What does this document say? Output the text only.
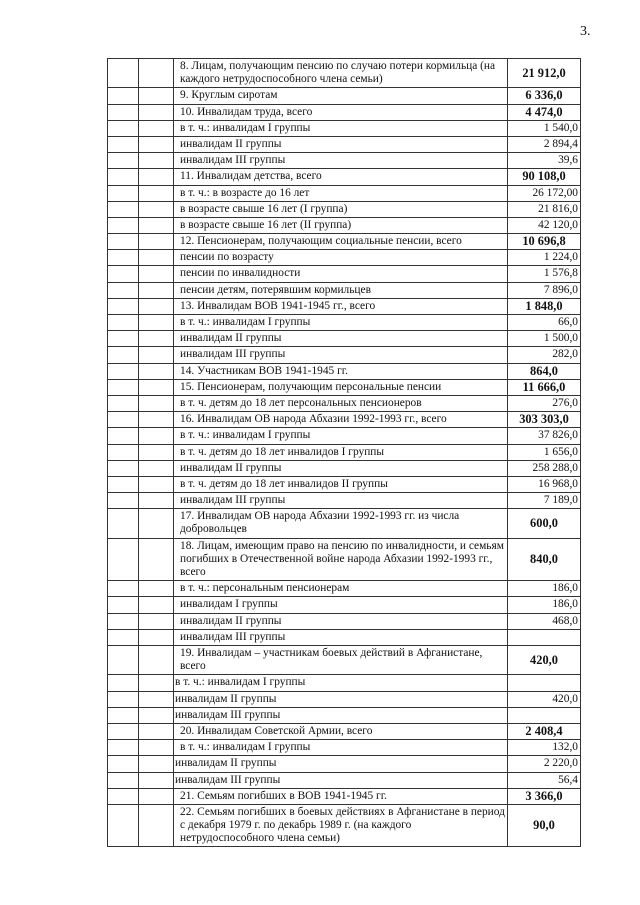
3.
		8. Лицам, получающим пенсию по случаю потери кормильца (на каждого нетрудоспособного члена семьи)	21 912,0
		9. Круглым сиротам	6 336,0
		10. Инвалидам труда, всего	4 474,0
		в т. ч.: инвалидам I группы	1 540,0
		инвалидам II группы	2 894,4
		инвалидам III группы	39,6
		11. Инвалидам детства, всего	90 108,0
		в т. ч.: в возрасте до 16 лет	26 172,00
		в возрасте свыше 16 лет (I группа)	21 816,0
		в возрасте свыше 16 лет (II группа)	42 120,0
		12. Пенсионерам, получающим социальные пенсии, всего	10 696,8
		пенсии по возрасту	1 224,0
		пенсии по инвалидности	1 576,8
		пенсии детям, потерявшим кормильцев	7 896,0
		13. Инвалидам ВОВ 1941-1945 гг., всего	1 848,0
		в т. ч.: инвалидам I группы	66,0
		инвалидам II группы	1 500,0
		инвалидам III группы	282,0
		14. Участникам ВОВ 1941-1945 гг.	864,0
		15. Пенсионерам, получающим персональные пенсии	11 666,0
		в т. ч. детям до 18 лет персональных пенсионеров	276,0
		16. Инвалидам ОВ народа Абхазии 1992-1993 гг., всего	303 303,0
		в т. ч.: инвалидам I группы	37 826,0
		в т. ч. детям до 18 лет инвалидов I группы	1 656,0
		инвалидам II группы	258 288,0
		в т. ч. детям до 18 лет инвалидов II группы	16 968,0
		инвалидам III группы	7 189,0
		17. Инвалидам ОВ народа Абхазии 1992-1993 гг. из числа добровольцев	600,0
		18. Лицам, имеющим право на пенсию по инвалидности, и семьям погибших в Отечественной войне народа Абхазии 1992-1993 гг., всего	840,0
		в т. ч.: персональным пенсионерам	186,0
		инвалидам I группы	186,0
		инвалидам II группы	468,0
		инвалидам III группы	
		19. Инвалидам – участникам боевых действий в Афганистане, всего	420,0
		в т. ч.: инвалидам I группы	
		инвалидам II группы	420,0
		инвалидам III группы	
		20. Инвалидам Советской Армии, всего	2 408,4
		в т. ч.: инвалидам I группы	132,0
		инвалидам II группы	2 220,0
		инвалидам III группы	56,4
		21. Семьям погибших в ВОВ 1941-1945 гг.	3 366,0
		22. Семьям погибших в боевых действиях в Афганистане в период с декабря 1979 г. по декабрь 1989 г. (на каждого нетрудоспособного члена семьи)	90,0
